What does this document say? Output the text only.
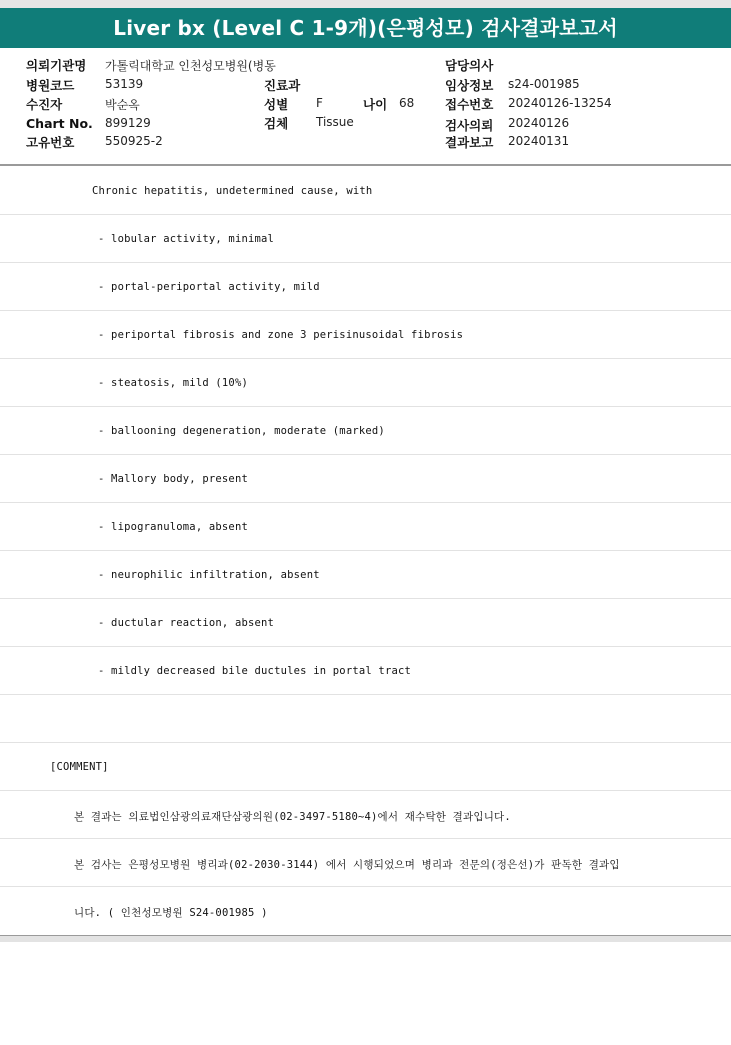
Liver bx (Level C 1-9개)(은평성모) 검사결과보고서
의뢰기관명 가톨릭대학교 인천성모병원(병동	담당의사
병원코드	53139	진료과	임상정보 s24-001985
수진자	박순옥	성별 F	나이 68 접수번호 20240126-13254
Chart No. 899129	검체 Tissue	검사의뢰 20240126
고유번호	550925-2	결과보고 20240131
Chronic hepatitis, undetermined cause, with
- lobular activity, minimal
- portal-periportal activity, mild
- periportal fibrosis and zone 3 perisinusoidal fibrosis
- steatosis, mild (10%)
- ballooning degeneration, moderate (marked)
- Mallory body, present
- lipogranuloma, absent
- neurophilic infiltration, absent
- ductular reaction, absent
- mildly decreased bile ductules in portal tract
[COMMENT]
본 결과는 의료법인삼광의료재단삼광의원(02-3497-5180~4)에서 재수탁한 결과입니다.
본 검사는 은평성모병원 병리과(02-2030-3144) 에서 시행되었으며 병리과 전문의(정은선)가 판독한 결과입
니다. ( 인천성모병원 S24-001985 )
